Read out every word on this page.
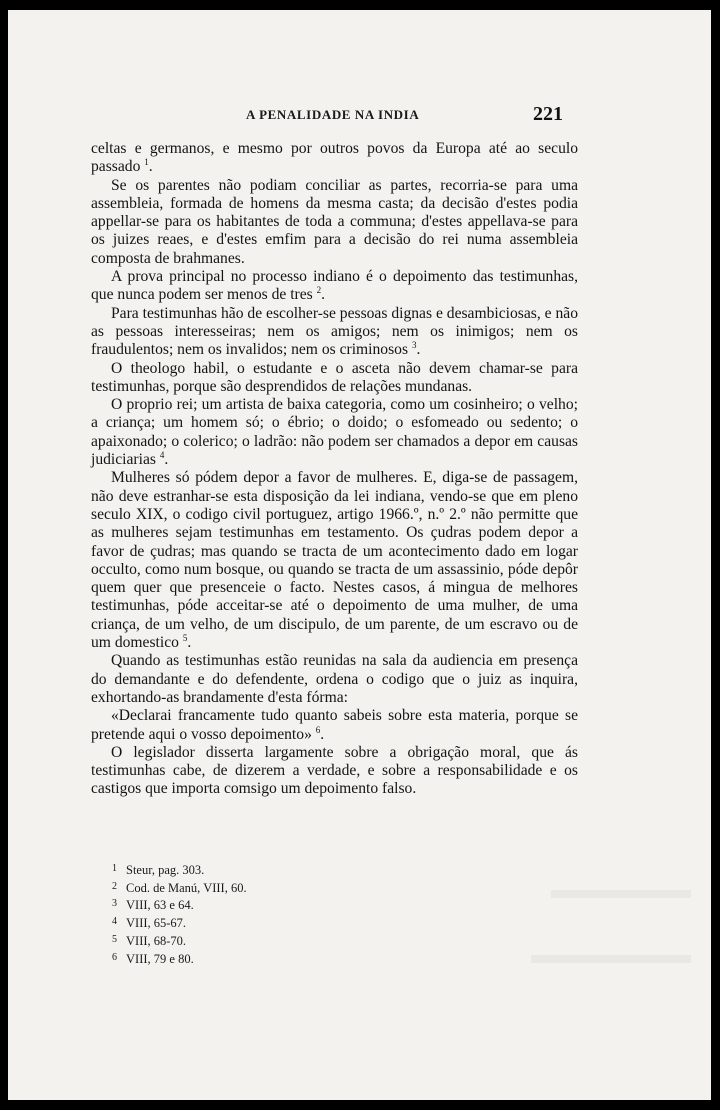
A PENALIDADE NA INDIA	221

celtas e germanos, e mesmo por outros povos da Europa até ao seculo passado $^1$.

Se os parentes não podiam conciliar as partes, recorria-se para uma assembleia, formada de homens da mesma casta; da decisão d'estes podia appellar-se para os habitantes de toda a communa; d'estes appellava-se para os juizes reaes, e d'estes emfim para a decisão do rei numa assembleia composta de brahmanes.

A prova principal no processo indiano é o depoimento das testimunhas, que nunca podem ser menos de tres $^2$.

Para testimunhas hão de escolher-se pessoas dignas e desambiciosas, e não as pessoas interesseiras; nem os amigos; nem os inimigos; nem os fraudulentos; nem os invalidos; nem os criminosos $^3$.

O theologo habil, o estudante e o asceta não devem chamar-se para testimunhas, porque são desprendidos de relações mundanas.

O proprio rei; um artista de baixa categoria, como um cosinheiro; o velho; a criança; um homem só; o ébrio; o doido; o esfomeado ou sedento; o apaixonado; o colerico; o ladrão: não podem ser chamados a depor em causas judiciarias $^4$.

Mulheres só pódem depor a favor de mulheres. E, diga-se de passagem, não deve estranhar-se esta disposição da lei indiana, vendo-se que em pleno seculo XIX, o codigo civil portuguez, artigo 1966.º, n.º 2.º não permitte que as mulheres sejam testimunhas em testamento. Os çudras podem depor a favor de çudras; mas quando se tracta de um acontecimento dado em logar occulto, como num bosque, ou quando se tracta de um assassinio, póde depôr quem quer que presenceie o facto. Nestes casos, á mingua de melhores testimunhas, póde acceitar-se até o depoimento de uma mulher, de uma criança, de um velho, de um discipulo, de um parente, de um escravo ou de um domestico $^5$.

Quando as testimunhas estão reunidas na sala da audiencia em presença do demandante e do defendente, ordena o codigo que o juiz as inquira, exhortando-as brandamente d'esta fórma:

«Declarai francamente tudo quanto sabeis sobre esta materia, porque se pretende aqui o vosso depoimento» $^6$.

O legislador disserta largamente sobre a obrigação moral, que ás testimunhas cabe, de dizerem a verdade, e sobre a responsabilidade e os castigos que importa comsigo um depoimento falso.

1 Steur, pag. 303.
2 Cod. de Manú, VIII, 60.
3 VIII, 63 e 64.
4 VIII, 65-67.
5 VIII, 68-70.
6 VIII, 79 e 80.
